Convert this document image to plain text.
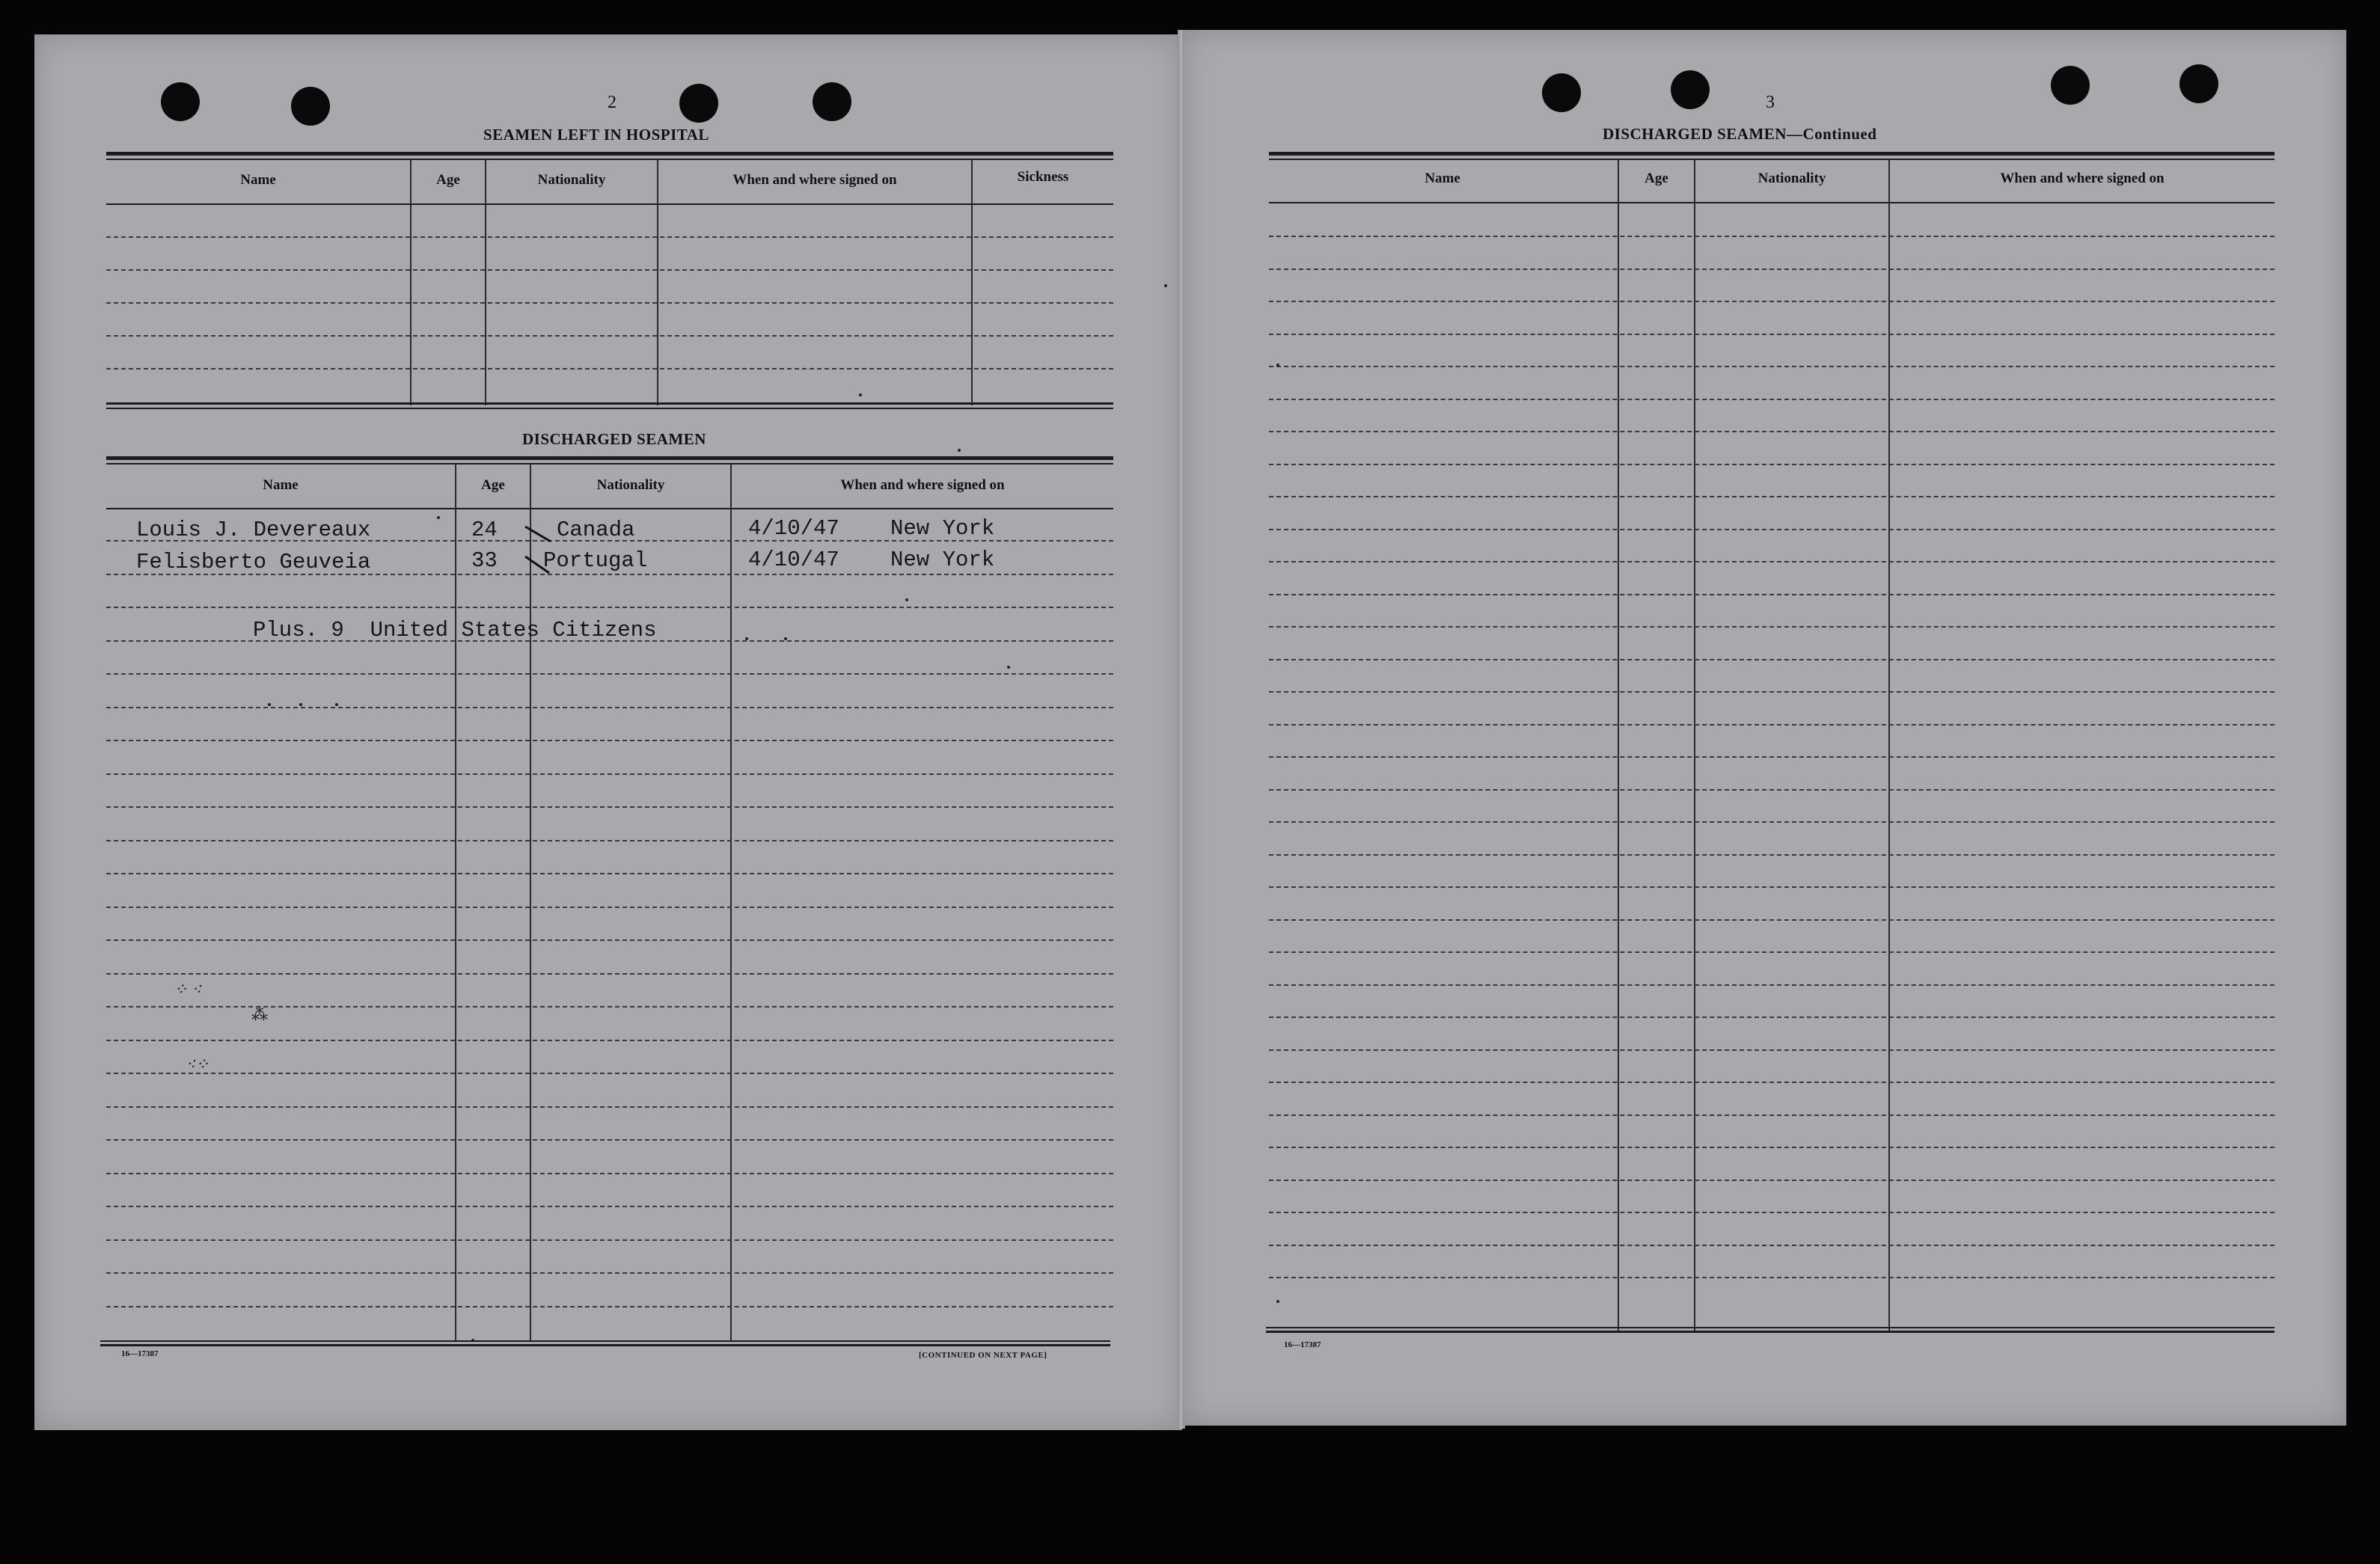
2
SEAMEN LEFT IN HOSPITAL
Name	Age	Nationality	When and where signed on	Sickness
DISCHARGED SEAMEN
Name	Age	Nationality	When and where signed on
Louis J. Devereaux	24	Canada	4/10/47 New York
Felisberto Geuveia	33 Portugal	4/10/47 New York
Plus. 9  United States Citizens
⁘ ⁖
⁂
⁖⁘
16—17387	[CONTINUED ON NEXT PAGE]
3
DISCHARGED SEAMEN—Continued
Name	Age	Nationality	When and where signed on
16—17387
